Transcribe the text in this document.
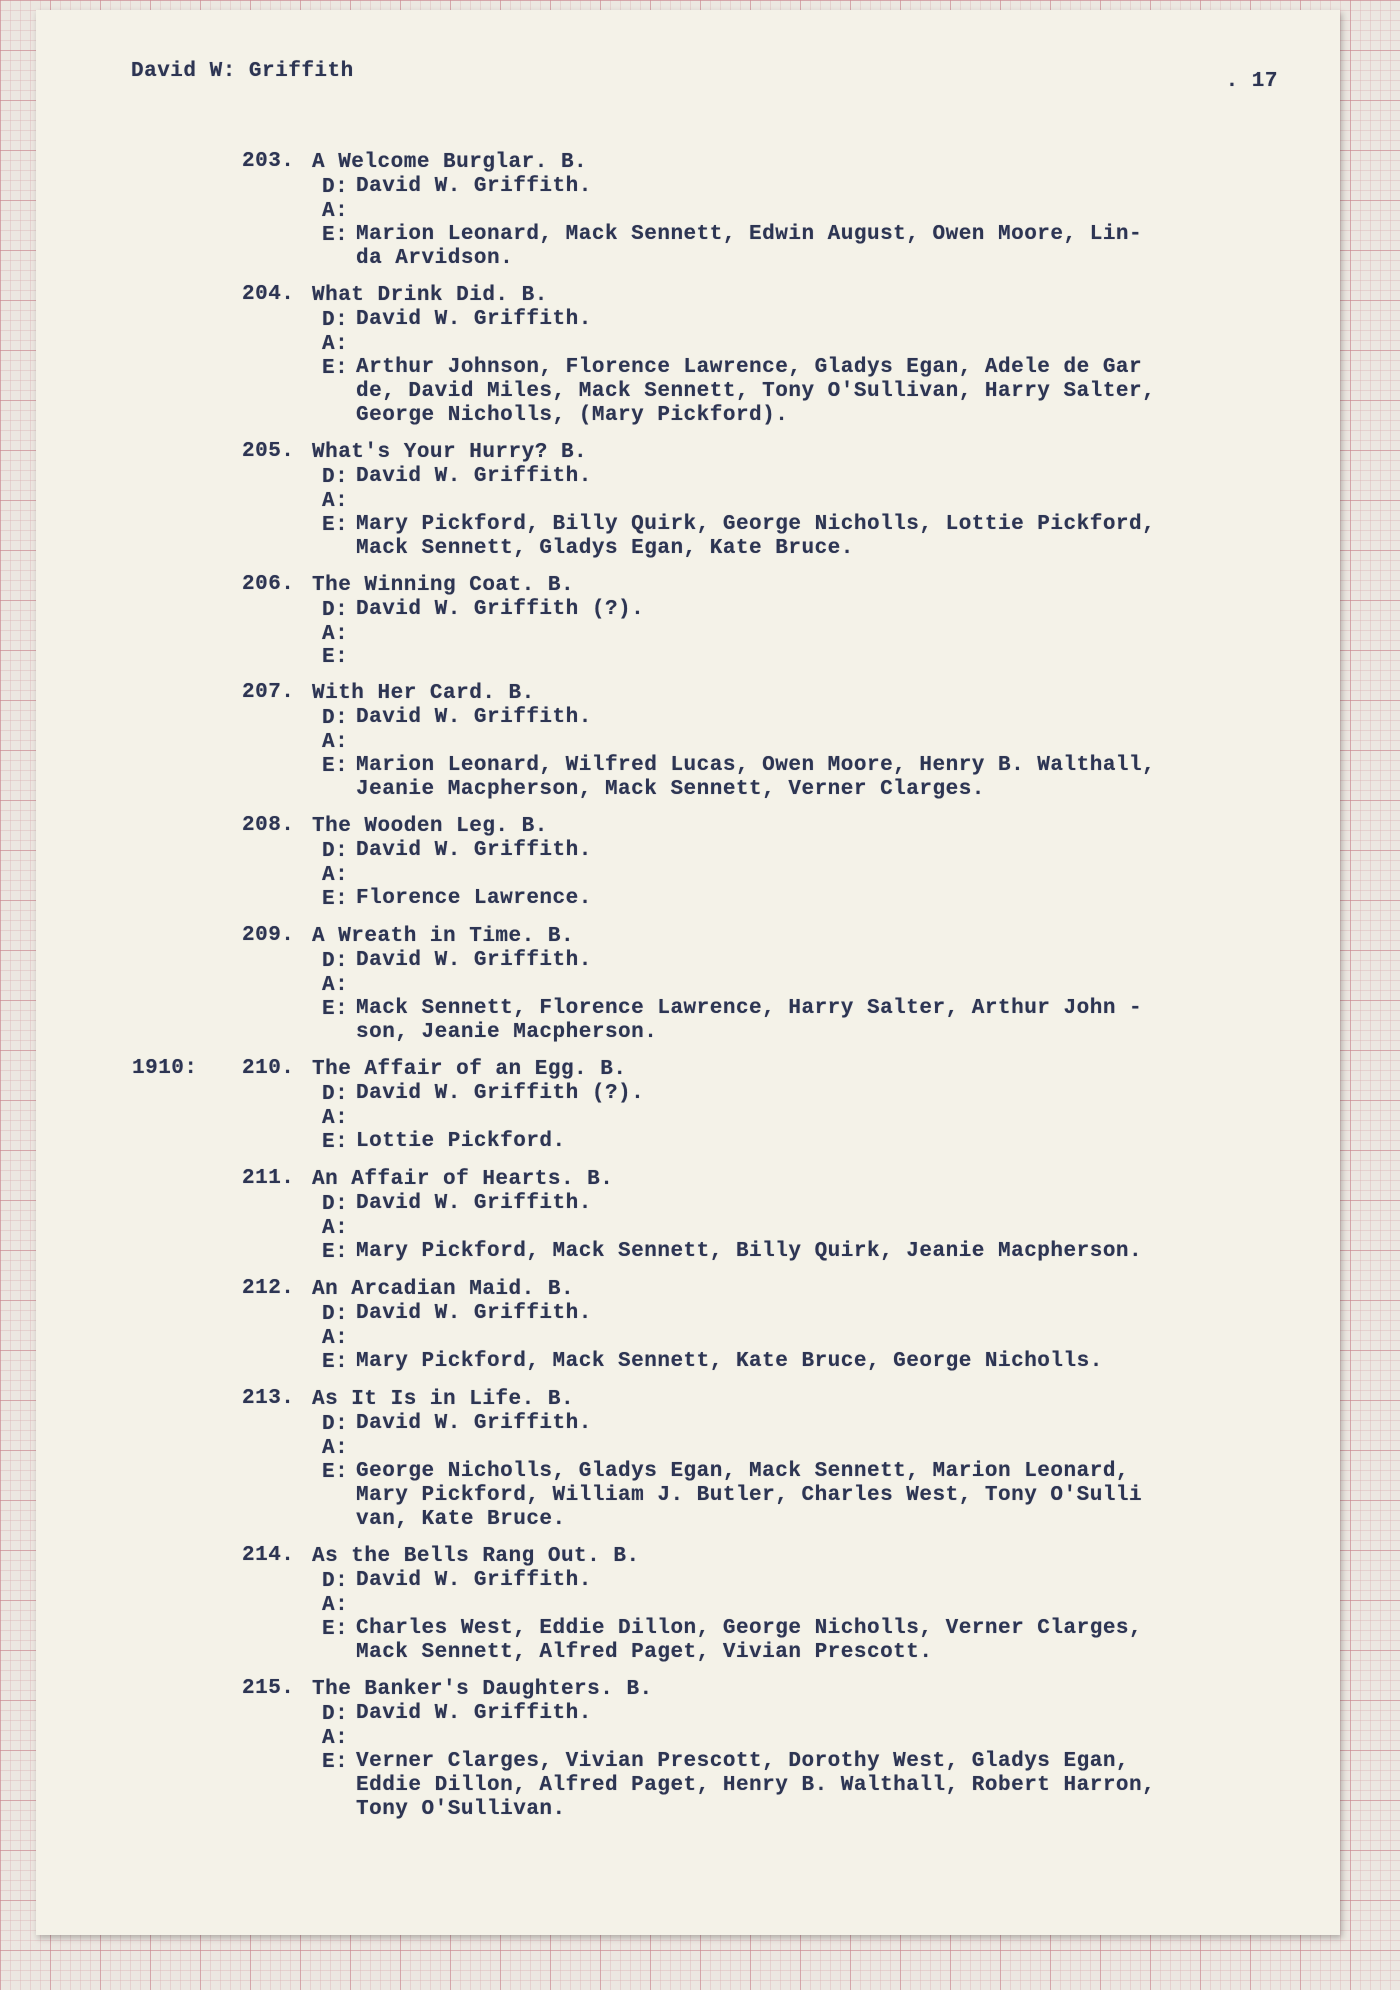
David W: Griffith	. 17
203. A Welcome Burglar. B.
D: David W. Griffith.
A:
E: Marion Leonard, Mack Sennett, Edwin August, Owen Moore, Lin-
da Arvidson.
204. What Drink Did. B.
D: David W. Griffith.
A:
E: Arthur Johnson, Florence Lawrence, Gladys Egan, Adele de Gar
de, David Miles, Mack Sennett, Tony O'Sullivan, Harry Salter,
George Nicholls, (Mary Pickford).
205. What's Your Hurry? B.
D: David W. Griffith.
A:
E: Mary Pickford, Billy Quirk, George Nicholls, Lottie Pickford,
Mack Sennett, Gladys Egan, Kate Bruce.
206. The Winning Coat. B.
D: David W. Griffith (?).
A:
E:
207. With Her Card. B.
D: David W. Griffith.
A:
E: Marion Leonard, Wilfred Lucas, Owen Moore, Henry B. Walthall,
Jeanie Macpherson, Mack Sennett, Verner Clarges.
208. The Wooden Leg. B.
D: David W. Griffith.
A:
E: Florence Lawrence.
209. A Wreath in Time. B.
D: David W. Griffith.
A:
E: Mack Sennett, Florence Lawrence, Harry Salter, Arthur John -
son, Jeanie Macpherson.
1910: 210. The Affair of an Egg. B.
D: David W. Griffith (?).
A:
E: Lottie Pickford.
211. An Affair of Hearts. B.
D: David W. Griffith.
A:
E: Mary Pickford, Mack Sennett, Billy Quirk, Jeanie Macpherson.
212. An Arcadian Maid. B.
D: David W. Griffith.
A:
E: Mary Pickford, Mack Sennett, Kate Bruce, George Nicholls.
213. As It Is in Life. B.
D: David W. Griffith.
A:
E: George Nicholls, Gladys Egan, Mack Sennett, Marion Leonard,
Mary Pickford, William J. Butler, Charles West, Tony O'Sulli
van, Kate Bruce.
214. As the Bells Rang Out. B.
D: David W. Griffith.
A:
E: Charles West, Eddie Dillon, George Nicholls, Verner Clarges,
Mack Sennett, Alfred Paget, Vivian Prescott.
215. The Banker's Daughters. B.
D: David W. Griffith.
A:
E: Verner Clarges, Vivian Prescott, Dorothy West, Gladys Egan,
Eddie Dillon, Alfred Paget, Henry B. Walthall, Robert Harron,
Tony O'Sullivan.
